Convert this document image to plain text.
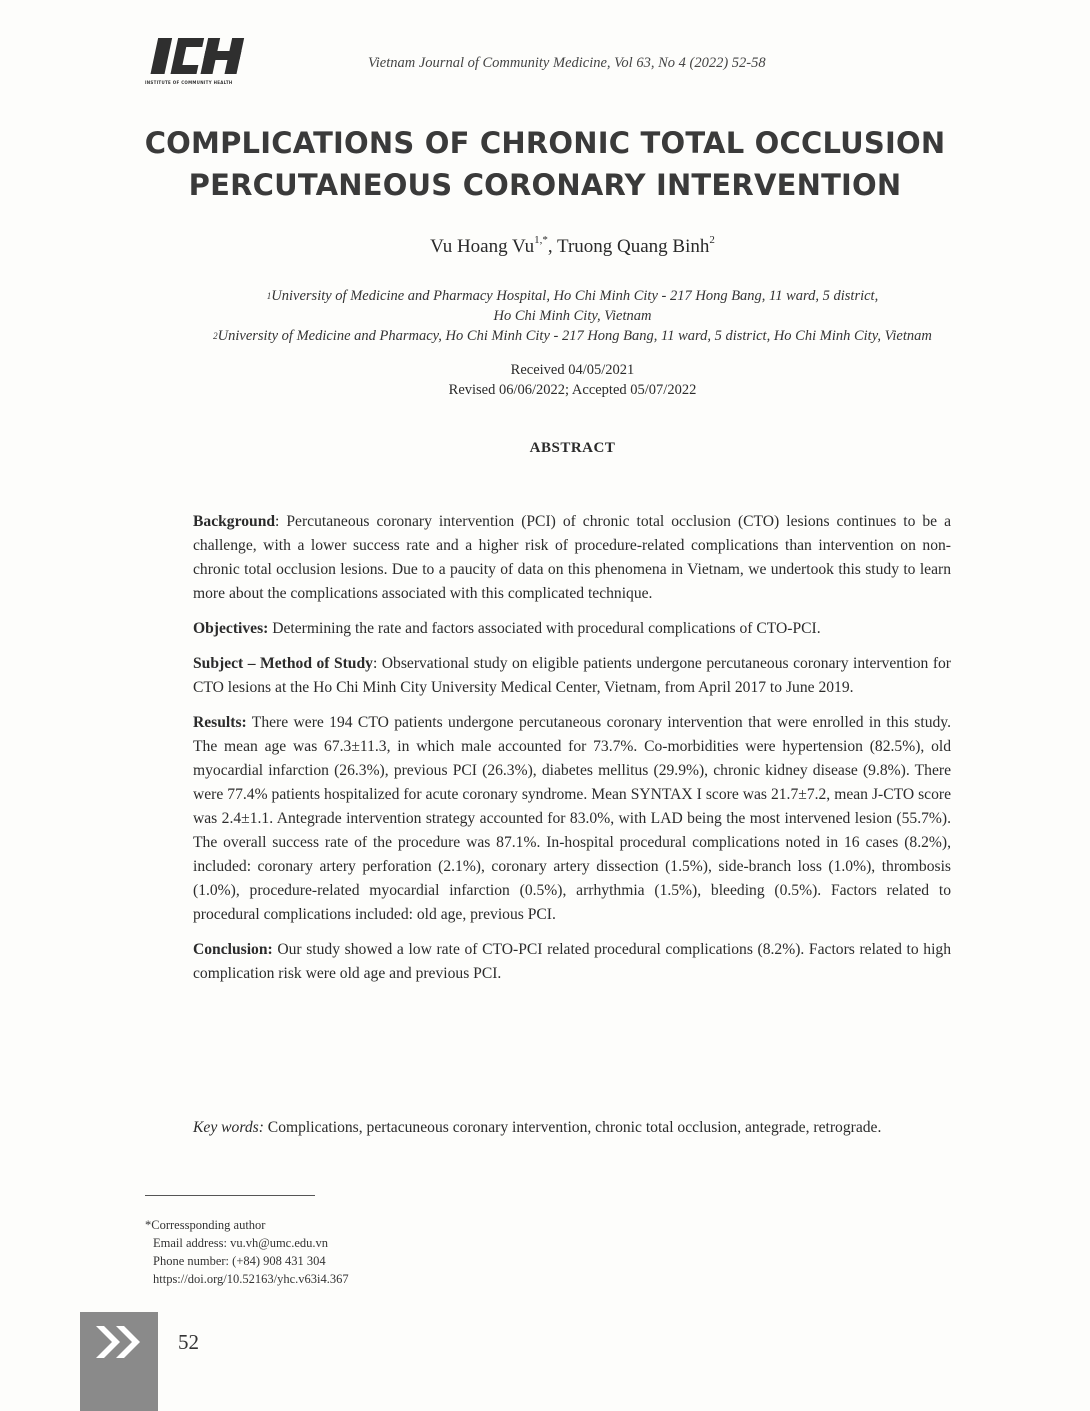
INSTITUTE OF COMMUNITY HEALTH
Vietnam Journal of Community Medicine, Vol 63, No 4 (2022) 52-58
COMPLICATIONS OF CHRONIC TOTAL OCCLUSION
PERCUTANEOUS CORONARY INTERVENTION
Vu Hoang $Vu^{1,*}$, Truong Quang Binh$^2$
$^1$University of Medicine and Pharmacy Hospital, Ho Chi Minh City - 217 Hong Bang, 11 ward, 5 district,
Ho Chi Minh City, Vietnam
$^2$University of Medicine and Pharmacy, Ho Chi Minh City - 217 Hong Bang, 11 ward, 5 district, Ho Chi Minh City, Vietnam
Received 04/05/2021
Revised 06/06/2022; Accepted 05/07/2022
ABSTRACT

Background: Percutaneous coronary intervention (PCI) of chronic total occlusion (CTO) lesions continues to be a challenge, with a lower success rate and a higher risk of procedure-related complications than intervention on non-chronic total occlusion lesions. Due to a paucity of data on this phenomena in Vietnam, we undertook this study to learn more about the complications associated with this complicated technique.

Objectives: Determining the rate and factors associated with procedural complications of CTO-PCI.

Subject – Method of Study: Observational study on eligible patients undergone percutaneous coronary intervention for CTO lesions at the Ho Chi Minh City University Medical Center, Vietnam, from April 2017 to June 2019.

Results: There were 194 CTO patients undergone percutaneous coronary intervention that were enrolled in this study. The mean age was 67.3±11.3, in which male accounted for 73.7%. Co-morbidities were hypertension (82.5%), old myocardial infarction (26.3%), previous PCI (26.3%), diabetes mellitus (29.9%), chronic kidney disease (9.8%). There were 77.4% patients hospitalized for acute coronary syndrome. Mean SYNTAX I score was 21.7±7.2, mean J-CTO score was 2.4±1.1. Antegrade intervention strategy accounted for 83.0%, with LAD being the most intervened lesion (55.7%). The overall success rate of the procedure was 87.1%. In-hospital procedural complications noted in 16 cases (8.2%), included: coronary artery perforation (2.1%), coronary artery dissection (1.5%), side-branch loss (1.0%), thrombosis (1.0%), procedure-related myocardial infarction (0.5%), arrhythmia (1.5%), bleeding (0.5%). Factors related to procedural complications included: old age, previous PCI.

Conclusion: Our study showed a low rate of CTO-PCI related procedural complications (8.2%). Factors related to high complication risk were old age and previous PCI.

Key words: Complications, pertacuneous coronary intervention, chronic total occlusion, antegrade, retrograde.
*Corressponding author
Email address: vu.vh@umc.edu.vn
Phone number: (+84) 908 431 304
https://doi.org/10.52163/yhc.v63i4.367
52
